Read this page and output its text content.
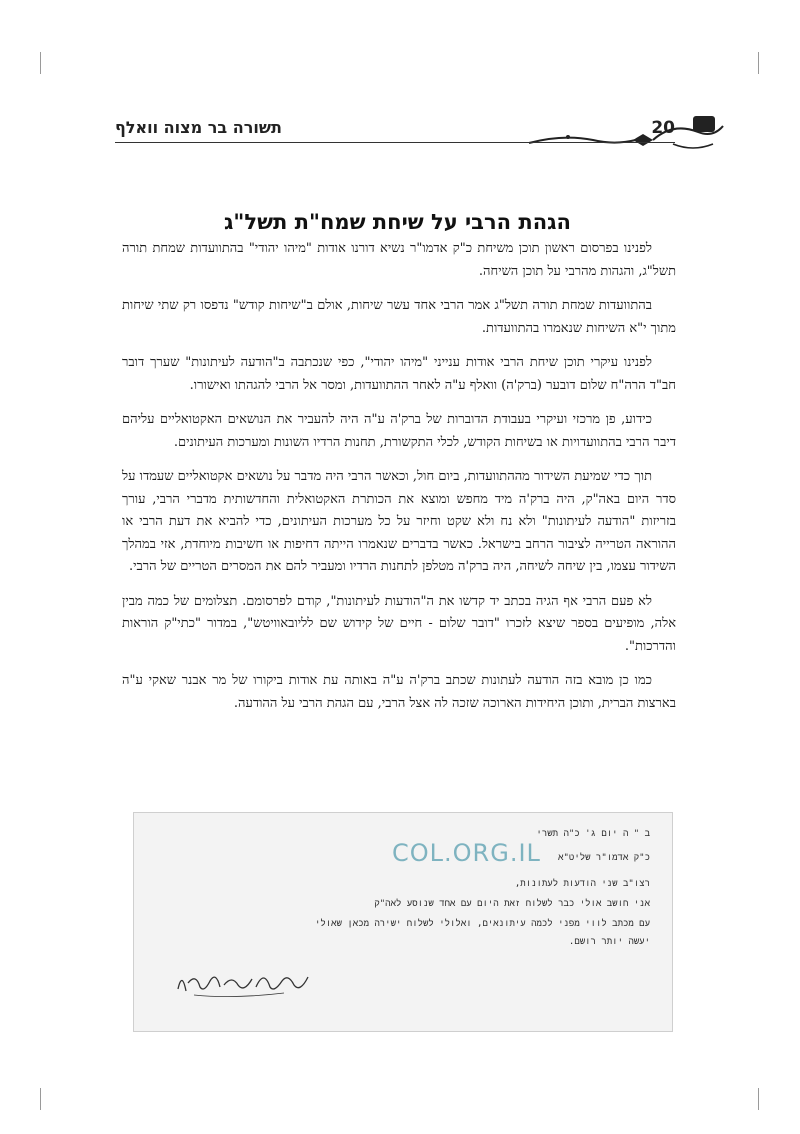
20
תשורה בר מצוה וואלף
הגהת הרבי על שיחת שמח"ת תשל"ג

לפנינו בפרסום ראשון תוכן משיחת כ"ק אדמו"ר נשיא דורנו אודות "מיהו יהודי" בהתוועדות שמחת תורה תשל"ג, והגהות מהרבי על תוכן השיחה.

בהתוועדות שמחת תורה תשל"ג אמר הרבי אחד עשר שיחות, אולם ב"שיחות קודש" נדפסו רק שתי שיחות מתוך י"א השיחות שנאמרו בהתוועדות.

לפנינו עיקרי תוכן שיחת הרבי אודות ענייני "מיהו יהודי", כפי שנכתבה ב"הודעה לעיתונות" שערך דובר חב"ד הרה"ח שלום דובער (ברק'ה) וואלף ע"ה לאחר ההתוועדות, ומסר אל הרבי להגהתו ואישורו.

כידוע, פן מרכזי ועיקרי בעבודת הדוברות של ברק'ה ע"ה היה להעביר את הנושאים האקטואליים עליהם דיבר הרבי בהתוועדויות או בשיחות הקודש, לכלי התקשורת, תחנות הרדיו השונות ומערכות העיתונים.

תוך כדי שמיעת השידור מההתוועדות, ביום חול, וכאשר הרבי היה מדבר על נושאים אקטואליים שעמדו על סדר היום באה"ק, היה ברק'ה מיד מחפש ומוצא את הכותרת האקטואלית והחדשותית מדברי הרבי, עורך בזריזות "הודעה לעיתונות" ולא נח ולא שקט וחיזר על כל מערכות העיתונים, כדי להביא את דעת הרבי או ההוראה הטרייה לציבור הרחב בישראל. כאשר בדברים שנאמרו הייתה דחיפות או חשיבות מיוחדת, אזי במהלך השידור עצמו, בין שיחה לשיחה, היה ברק'ה מטלפן לתחנות הרדיו ומעביר להם את המסרים הטריים של הרבי.

לא פעם הרבי אף הגיה בכתב יד קדשו את ה"הודעות לעיתונות", קודם לפרסומם. תצלומים של כמה מבין אלה, מופיעים בספר שיצא לזכרו "דובר שלום - חיים של קידוש שם לליובאוויטש", במדור "כתי"ק הוראות והדרכות".

כמו כן מובא בזה הודעה לעתונות שכתב ברק'ה ע"ה באותה עת אודות ביקורו של מר אבנר שאקי ע"ה בארצות הברית, ותוכן היחידות הארוכה שזכה לה אצל הרבי, עם הגהת הרבי על ההודעה.

ב " ה יום ג' כ"ה תשרי
כ"ק אדמו"ר שליט"א
COL.ORG.IL
רצו"ב שני הודעות לעתונות,
אני חושב אולי כבר לשלוח זאת היום עם אחד שנוסע לאה"ק
עם מכתב לווי מפני לכמה עיתונאים, ואלולי לשלוח ישירה מכאן שאולי
יעשה יותר רושם.
